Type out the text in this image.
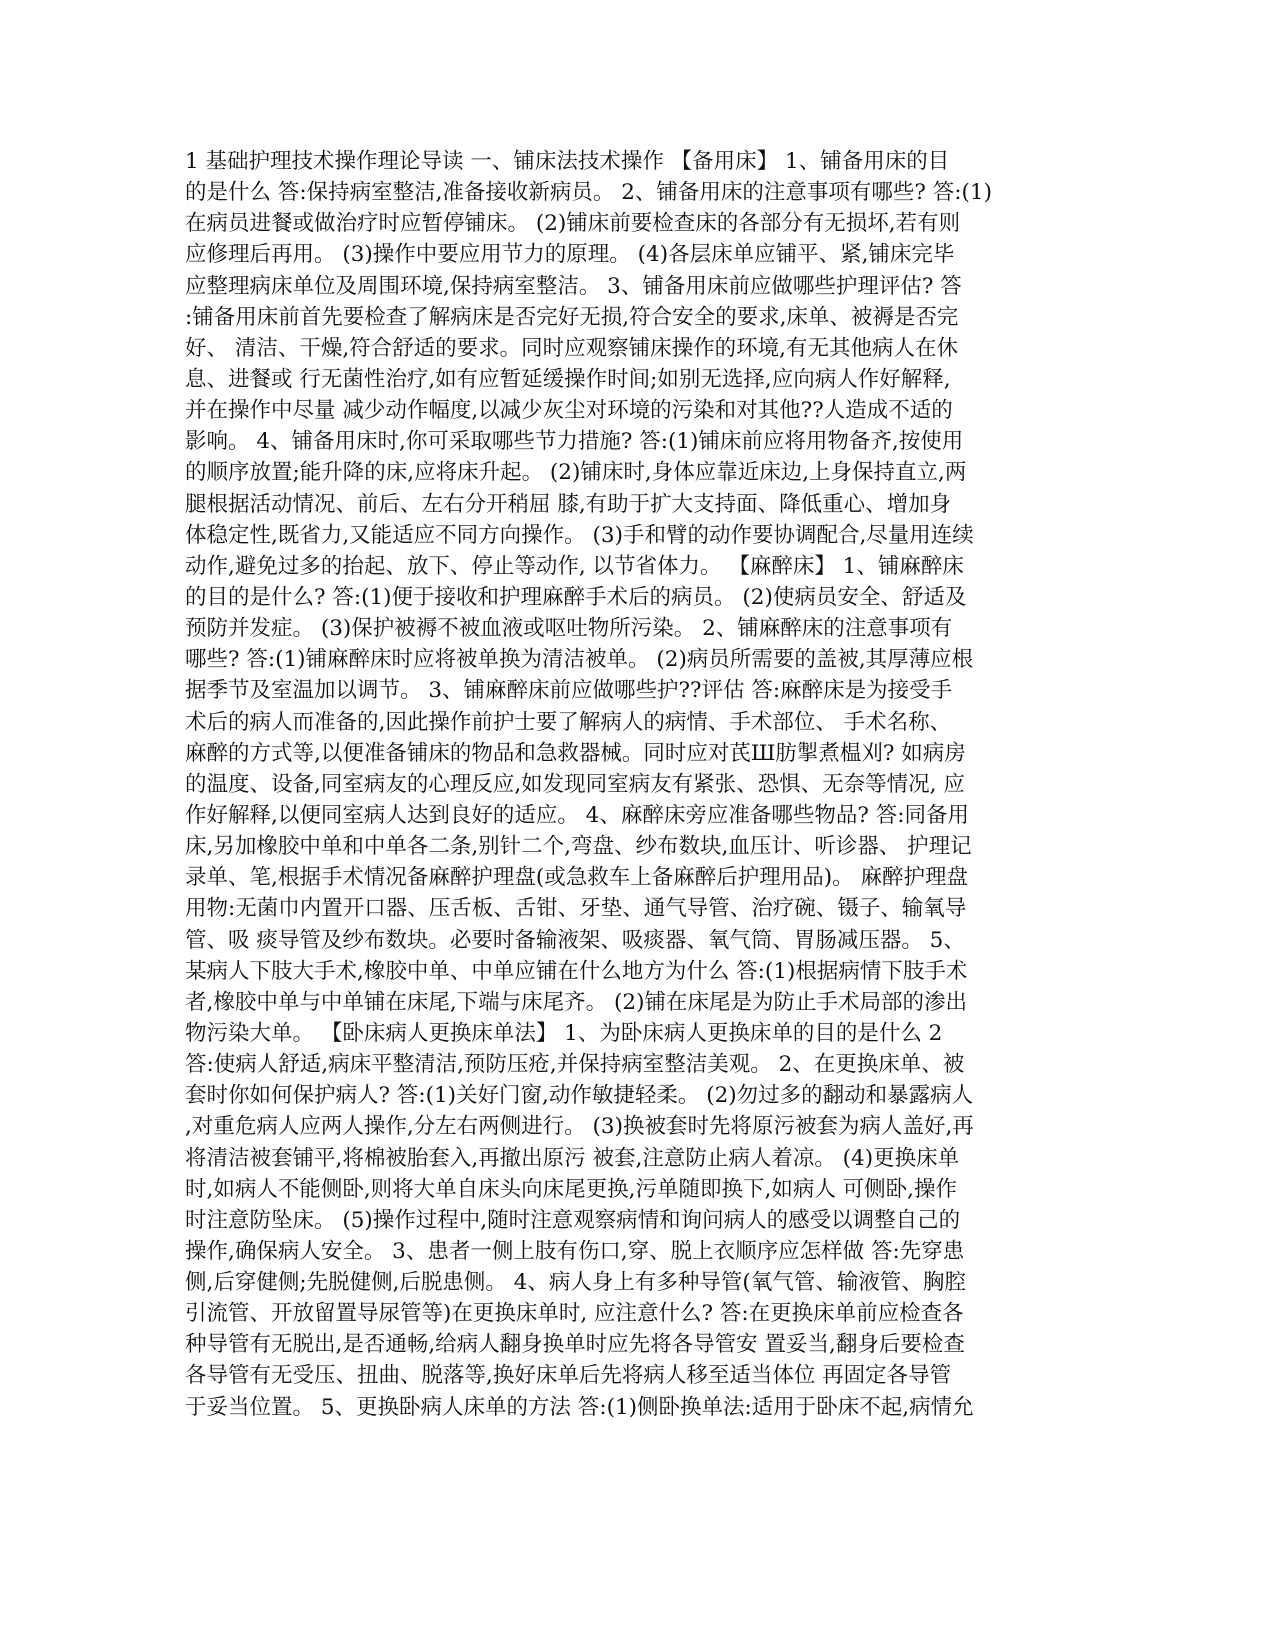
1 基础护理技术操作理论导读 一、铺床法技术操作 【备用床】 1、铺备用床的目
的是什么 答:保持病室整洁,准备接收新病员。 2、铺备用床的注意事项有哪些? 答:(1)
在病员进餐或做治疗时应暂停铺床。 (2)铺床前要检查床的各部分有无损坏,若有则
应修理后再用。 (3)操作中要应用节力的原理。 (4)各层床单应铺平、紧,铺床完毕
应整理病床单位及周围环境,保持病室整洁。 3、铺备用床前应做哪些护理评估? 答
:铺备用床前首先要检查了解病床是否完好无损,符合安全的要求,床单、被褥是否完
好、 清洁、干燥,符合舒适的要求。同时应观察铺床操作的环境,有无其他病人在休
息、进餐或 行无菌性治疗,如有应暂延缓操作时间;如别无选择,应向病人作好解释,
并在操作中尽量 减少动作幅度,以减少灰尘对环境的污染和对其他??人造成不适的
影响。 4、铺备用床时,你可采取哪些节力措施? 答:(1)铺床前应将用物备齐,按使用
的顺序放置;能升降的床,应将床升起。 (2)铺床时,身体应靠近床边,上身保持直立,两
腿根据活动情况、前后、左右分开稍屈 膝,有助于扩大支持面、降低重心、增加身
体稳定性,既省力,又能适应不同方向操作。 (3)手和臂的动作要协调配合,尽量用连续
动作,避免过多的抬起、放下、停止等动作, 以节省体力。 【麻醉床】 1、铺麻醉床
的目的是什么? 答:(1)便于接收和护理麻醉手术后的病员。 (2)使病员安全、舒适及
预防并发症。 (3)保护被褥不被血液或呕吐物所污染。 2、铺麻醉床的注意事项有
哪些? 答:(1)铺麻醉床时应将被单换为清洁被单。 (2)病员所需要的盖被,其厚薄应根
据季节及室温加以调节。 3、铺麻醉床前应做哪些护??评估 答:麻醉床是为接受手
术后的病人而准备的,因此操作前护士要了解病人的病情、手术部位、 手术名称、
麻醉的方式等,以便准备铺床的物品和急救器械。同时应对芪Ш肪掣煮榅刈? 如病房
的温度、设备,同室病友的心理反应,如发现同室病友有紧张、恐惧、无奈等情况, 应
作好解释,以便同室病人达到良好的适应。 4、麻醉床旁应准备哪些物品? 答:同备用
床,另加橡胶中单和中单各二条,别针二个,弯盘、纱布数块,血压计、听诊器、 护理记
录单、笔,根据手术情况备麻醉护理盘(或急救车上备麻醉后护理用品)。 麻醉护理盘
用物:无菌巾内置开口器、压舌板、舌钳、牙垫、通气导管、治疗碗、镊子、输氧导
管、吸 痰导管及纱布数块。必要时备输液架、吸痰器、氧气筒、胃肠减压器。 5、
某病人下肢大手术,橡胶中单、中单应铺在什么地方为什么 答:(1)根据病情下肢手术
者,橡胶中单与中单铺在床尾,下端与床尾齐。 (2)铺在床尾是为防止手术局部的渗出
物污染大单。 【卧床病人更换床单法】 1、为卧床病人更换床单的目的是什么 2
答:使病人舒适,病床平整清洁,预防压疮,并保持病室整洁美观。 2、在更换床单、被
套时你如何保护病人? 答:(1)关好门窗,动作敏捷轻柔。 (2)勿过多的翻动和暴露病人
,对重危病人应两人操作,分左右两侧进行。 (3)换被套时先将原污被套为病人盖好,再
将清洁被套铺平,将棉被胎套入,再撤出原污 被套,注意防止病人着凉。 (4)更换床单
时,如病人不能侧卧,则将大单自床头向床尾更换,污单随即换下,如病人 可侧卧,操作
时注意防坠床。 (5)操作过程中,随时注意观察病情和询问病人的感受以调整自己的
操作,确保病人安全。 3、患者一侧上肢有伤口,穿、脱上衣顺序应怎样做 答:先穿患
侧,后穿健侧;先脱健侧,后脱患侧。 4、病人身上有多种导管(氧气管、输液管、胸腔
引流管、开放留置导尿管等)在更换床单时, 应注意什么? 答:在更换床单前应检查各
种导管有无脱出,是否通畅,给病人翻身换单时应先将各导管安 置妥当,翻身后要检查
各导管有无受压、扭曲、脱落等,换好床单后先将病人移至适当体位 再固定各导管
于妥当位置。 5、更换卧病人床单的方法 答:(1)侧卧换单法:适用于卧床不起,病情允
